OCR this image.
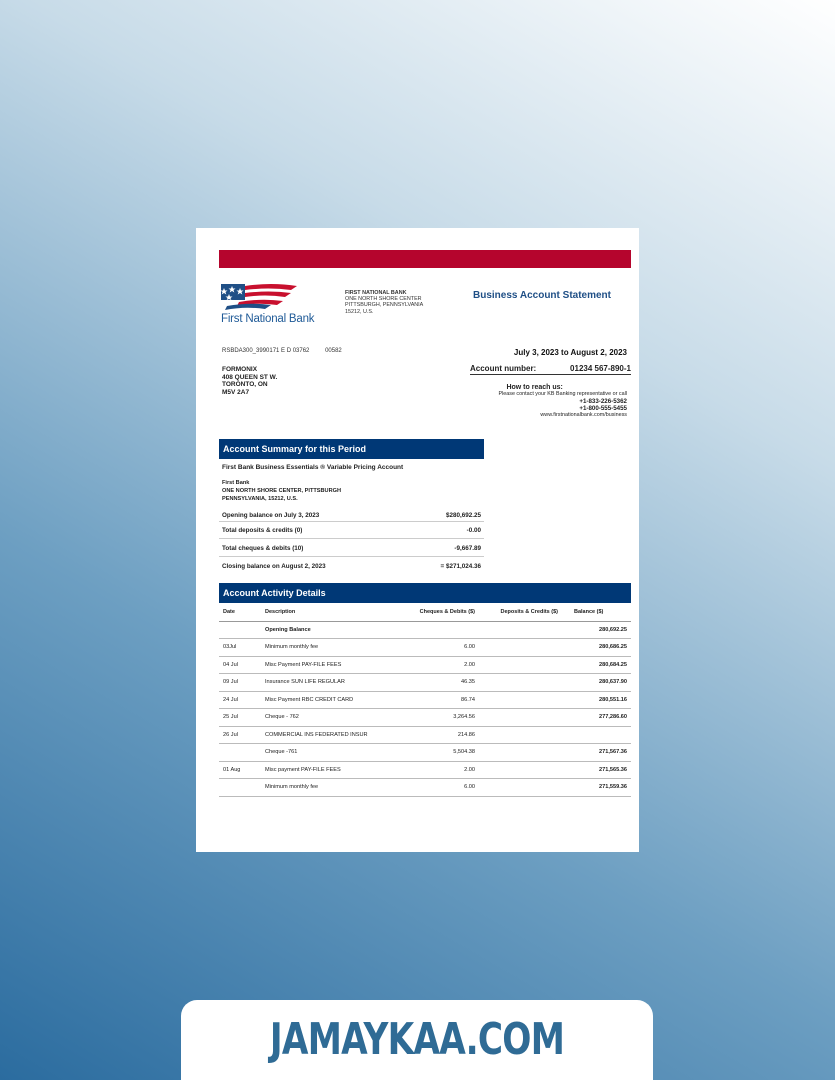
First National Bank
FIRST NATIONAL BANK
ONE NORTH SHORE CENTER
PITTSBURGH, PENNSYLVANIA
15212, U.S.
Business Account Statement
RSBDA300_3990171 E D 03762	00582	July 3, 2023 to August 2, 2023
Account number:	01234 567-890-1
FORMONIX
408 QUEEN ST W.
TORONTO, ON
M5V 2A7
How to reach us:
Please contact your KB Banking representative or call
+1-833-226-5362
+1-800-555-5455
www.firstnationalbank.com/business
Account Summary for this Period
First Bank Business Essentials ® Variable Pricing Account
First Bank
ONE NORTH SHORE CENTER, PITTSBURGH
PENNSYLVANIA, 15212, U.S.
Opening balance on July 3, 2023	$280,692.25
Total deposits & credits (0)	-0.00
Total cheques & debits (10)	-9,667.89
Closing balance on August 2, 2023	= $271,024.36
Account Activity Details
Date	Description	Cheques & Debits ($)	Deposits & Credits ($)	Balance ($)
	Opening Balance			280,692.25
03Jul	Minimum monthly fee	6.00		280,686.25
04 Jul	Misc Payment PAY-FILE FEES	2.00		280,684.25
09 Jul	Insurance SUN LIFE REGULAR	46.35		280,637.90
24 Jul	Misc Payment RBC CREDIT CARD	86.74		280,551.16
25 Jul	Cheque - 762	3,264.56		277,286.60
26 Jul	COMMERCIAL INS FEDERATED INSUR	214.86		
	Cheque -761	5,504.38		271,567.36
01 Aug	Misc payment PAY-FILE FEES	2.00		271,565.36
	Minimum monthly fee	6.00		271,559.36
JAMAYKAA.COM
